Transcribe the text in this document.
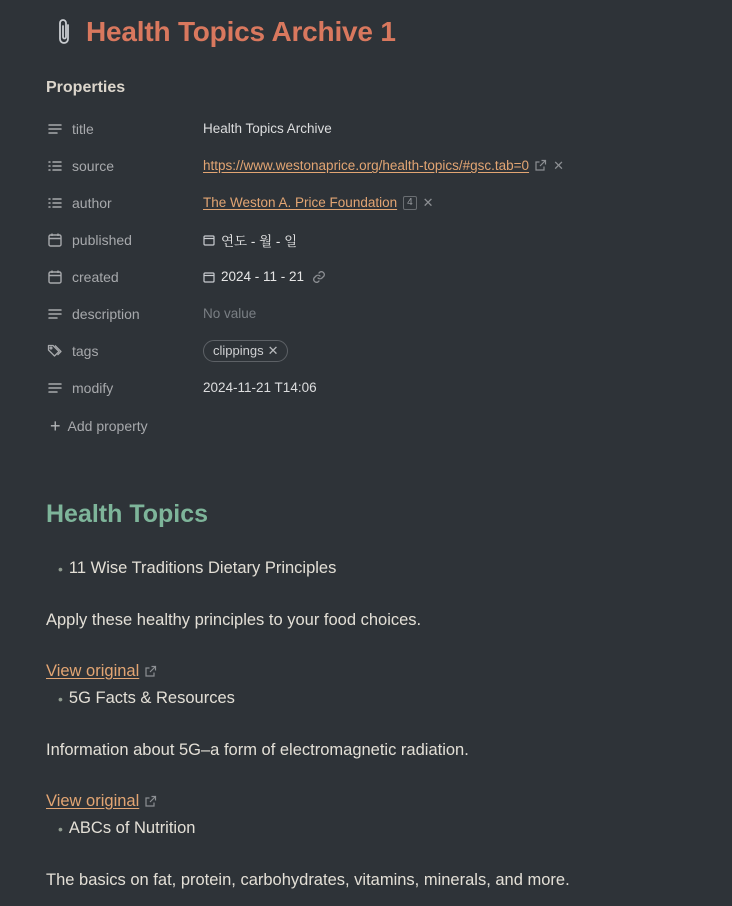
Health Topics Archive 1
Properties
title	Health Topics Archive
source	https://www.westonaprice.org/health-topics/#gsc.tab=0 ✕
author	The Weston A. Price Foundation	4 ✕
published	연도 - 월 - 일
created	2024 - 11 - 21
description	No value
tags	clippings ✕
modify	2024-11-21 T14:06
+ Add property
Health Topics
• 11 Wise Traditions Dietary Principles
Apply these healthy principles to your food choices.
View original
• 5G Facts & Resources
Information about 5G–a form of electromagnetic radiation.
View original
• ABCs of Nutrition
The basics on fat, protein, carbohydrates, vitamins, minerals, and more.
